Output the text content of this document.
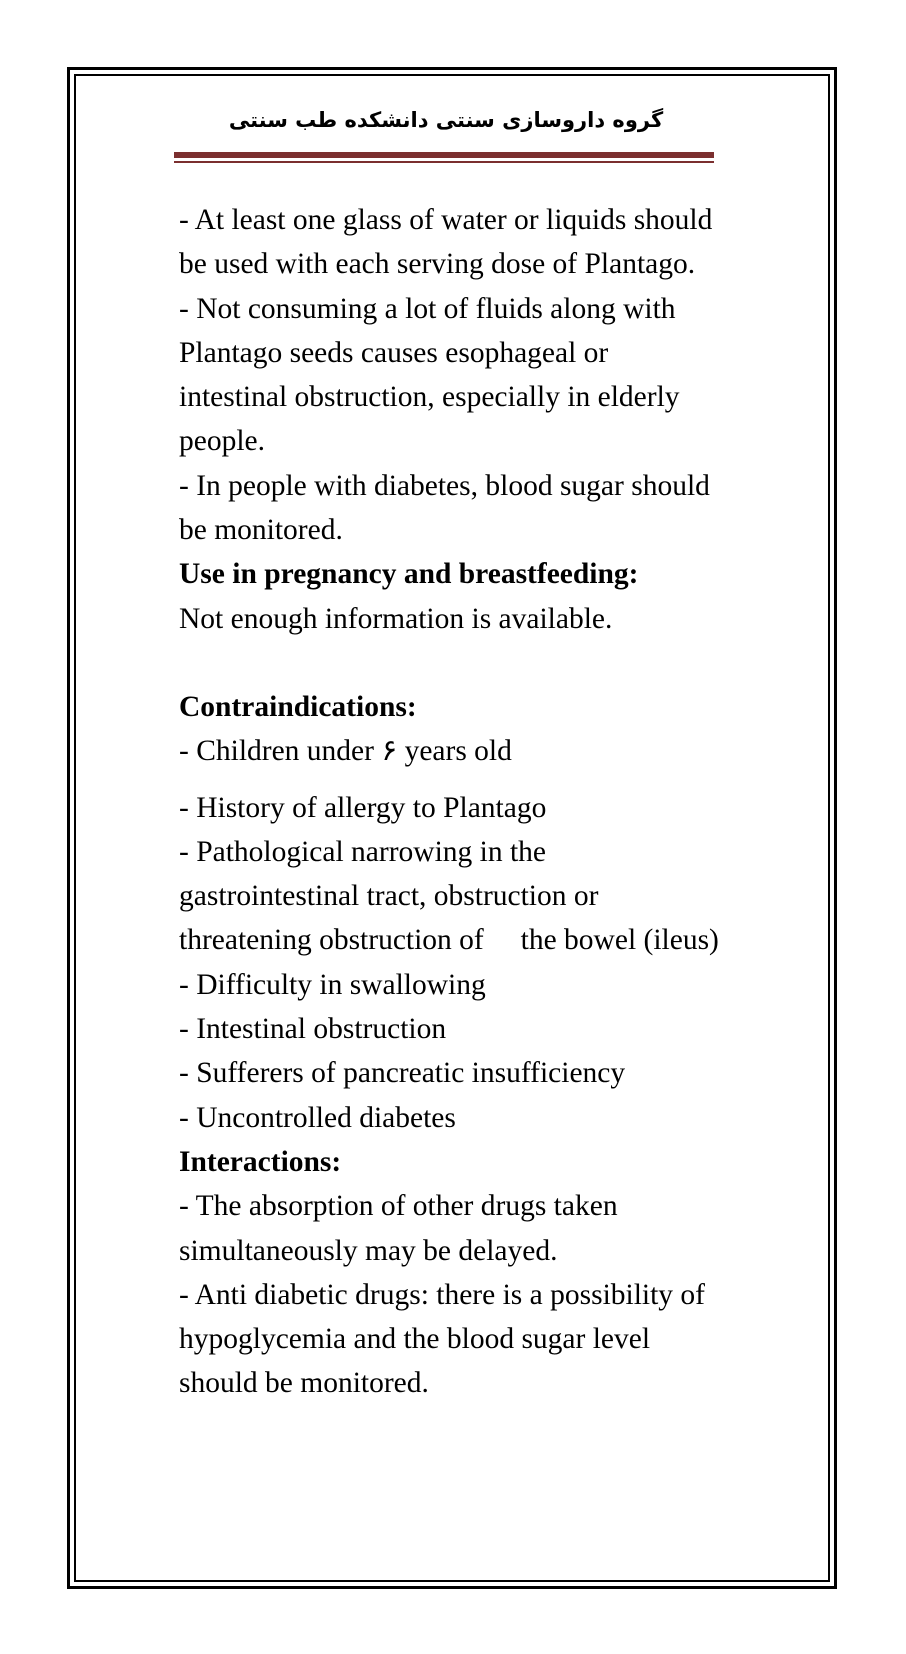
گروه داروسازی سنتی دانشکده طب سنتی

- At least one glass of water or liquids should be used with each serving dose of Plantago.

- Not consuming a lot of fluids along with Plantago seeds causes esophageal or intestinal obstruction, especially in elderly people.

- In people with diabetes, blood sugar should be monitored.

Use in pregnancy and breastfeeding:

Not enough information is available.

Contraindications:

- Children under ۶ years old

- History of allergy to Plantago

- Pathological narrowing in the gastrointestinal tract, obstruction or threatening obstruction of     the bowel (ileus)

- Difficulty in swallowing

- Intestinal obstruction

- Sufferers of pancreatic insufficiency

- Uncontrolled diabetes

Interactions:

- The absorption of other drugs taken simultaneously may be delayed.

- Anti diabetic drugs: there is a possibility of hypoglycemia and the blood sugar level should be monitored.
